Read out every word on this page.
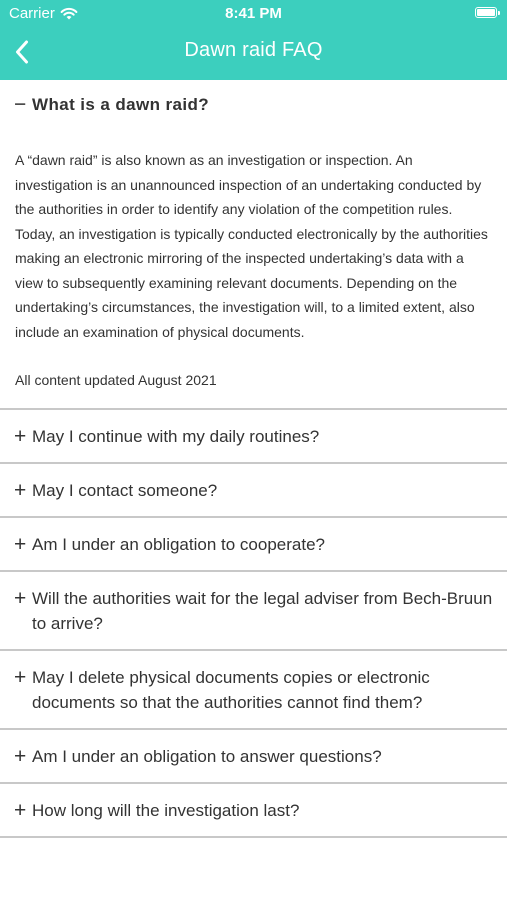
Carrier	8:41 PM
Dawn raid FAQ
− What is a dawn raid?

A “dawn raid” is also known as an investigation or inspection. An investigation is an unannounced inspection of an undertaking conducted by the authorities in order to identify any violation of the competition rules.

Today, an investigation is typically conducted electronically by the authorities making an electronic mirroring of the inspected undertaking’s data with a view to subsequently examining relevant documents. Depending on the undertaking’s circumstances, the investigation will, to a limited extent, also include an examination of physical documents.

All content updated August 2021

+ May I continue with my daily routines?
+ May I contact someone?
+ Am I under an obligation to cooperate?
+ Will the authorities wait for the legal adviser from Bech-Bruun to arrive?
+ May I delete physical documents copies or electronic documents so that the authorities cannot find them?
+ Am I under an obligation to answer questions?
+ How long will the investigation last?
